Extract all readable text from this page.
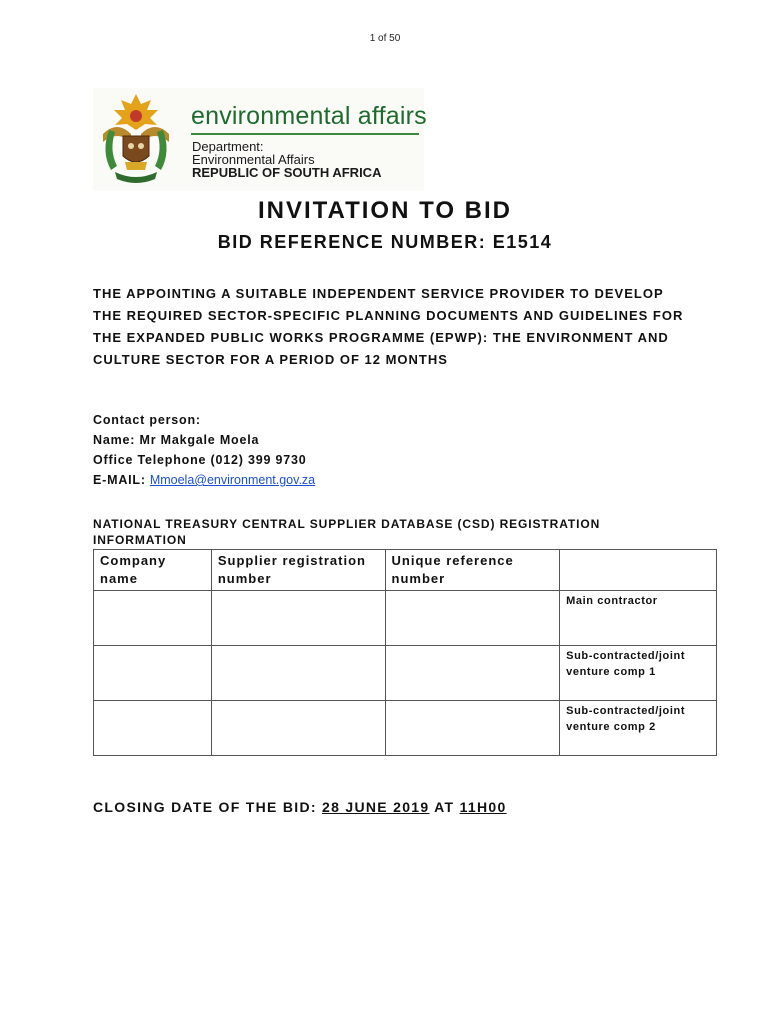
1 of 50
environmental affairs
Department:
Environmental Affairs
REPUBLIC OF SOUTH AFRICA
INVITATION TO BID
BID REFERENCE NUMBER: E1514
THE APPOINTING A SUITABLE INDEPENDENT SERVICE PROVIDER TO DEVELOP THE REQUIRED SECTOR-SPECIFIC PLANNING DOCUMENTS AND GUIDELINES FOR THE EXPANDED PUBLIC WORKS PROGRAMME (EPWP): THE ENVIRONMENT AND CULTURE SECTOR FOR A PERIOD OF 12 MONTHS
Contact person:
Name: Mr Makgale Moela
Office Telephone (012) 399 9730
E-MAIL: Mmoela@environment.gov.za
NATIONAL TREASURY CENTRAL SUPPLIER DATABASE (CSD) REGISTRATION INFORMATION
Company name	Supplier registration number	Unique reference number	
			Main contractor
			Sub-contracted/joint venture comp 1
			Sub-contracted/joint venture comp 2
CLOSING DATE OF THE BID: 28 JUNE 2019 AT 11H00
